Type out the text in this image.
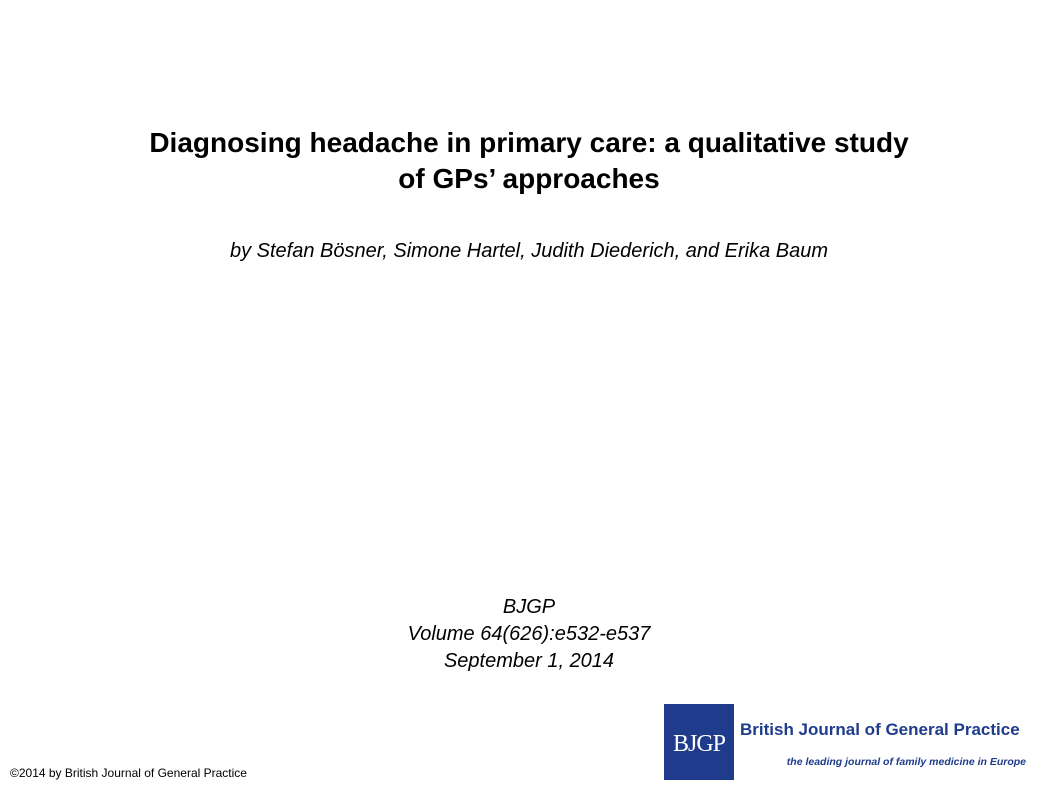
Diagnosing headache in primary care: a qualitative study
of GPs’ approaches
by Stefan Bösner, Simone Hartel, Judith Diederich, and Erika Baum
BJGP
Volume 64(626):e532-e537
September 1, 2014
©2014 by British Journal of General Practice
BJGP
British Journal of General Practice
the leading journal of family medicine in Europe
